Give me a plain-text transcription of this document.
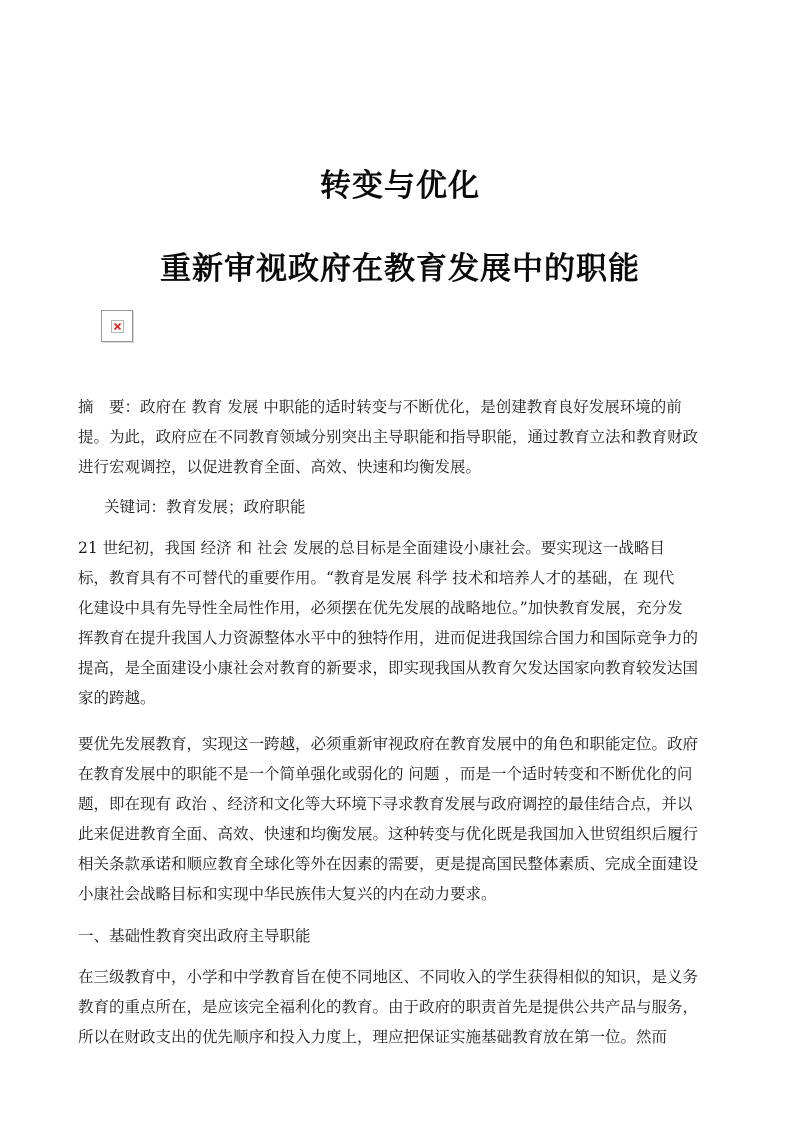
转变与优化
重新审视政府在教育发展中的职能
摘　要：政府在 教育 发展 中职能的适时转变与不断优化，是创建教育良好发展环境的前
提。为此，政府应在不同教育领域分别突出主导职能和指导职能，通过教育立法和教育财政
进行宏观调控，以促进教育全面、高效、快速和均衡发展。
关键词：教育发展；政府职能
21 世纪初，我国 经济 和 社会 发展的总目标是全面建设小康社会。要实现这一战略目
标，教育具有不可替代的重要作用。“教育是发展 科学 技术和培养人才的基础，在 现代
化建设中具有先导性全局性作用，必须摆在优先发展的战略地位。”加快教育发展，充分发
挥教育在提升我国人力资源整体水平中的独特作用，进而促进我国综合国力和国际竞争力的
提高，是全面建设小康社会对教育的新要求，即实现我国从教育欠发达国家向教育较发达国
家的跨越。
要优先发展教育，实现这一跨越，必须重新审视政府在教育发展中的角色和职能定位。政府
在教育发展中的职能不是一个简单强化或弱化的 问题 ，而是一个适时转变和不断优化的问
题，即在现有 政治 、经济和文化等大环境下寻求教育发展与政府调控的最佳结合点，并以
此来促进教育全面、高效、快速和均衡发展。这种转变与优化既是我国加入世贸组织后履行
相关条款承诺和顺应教育全球化等外在因素的需要，更是提高国民整体素质、完成全面建设
小康社会战略目标和实现中华民族伟大复兴的内在动力要求。
一、基础性教育突出政府主导职能
在三级教育中，小学和中学教育旨在使不同地区、不同收入的学生获得相似的知识，是义务
教育的重点所在，是应该完全福利化的教育。由于政府的职责首先是提供公共产品与服务，
所以在财政支出的优先顺序和投入力度上，理应把保证实施基础教育放在第一位。然而
